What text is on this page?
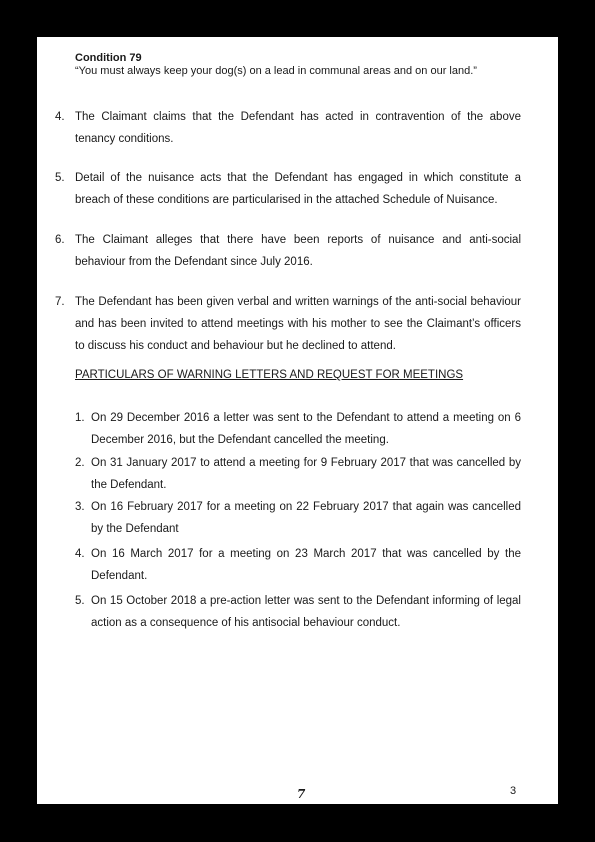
Condition 79
“You must always keep your dog(s) on a lead in communal areas and on our land.”
4. The Claimant claims that the Defendant has acted in contravention of the above tenancy conditions.
5. Detail of the nuisance acts that the Defendant has engaged in which constitute a breach of these conditions are particularised in the attached Schedule of Nuisance.
6. The Claimant alleges that there have been reports of nuisance and anti-social behaviour from the Defendant since July 2016.
7. The Defendant has been given verbal and written warnings of the anti-social behaviour and has been invited to attend meetings with his mother to see the Claimant’s officers to discuss his conduct and behaviour but he declined to attend.
PARTICULARS OF WARNING LETTERS AND REQUEST FOR MEETINGS
1. On 29 December 2016 a letter was sent to the Defendant to attend a meeting on 6 December 2016, but the Defendant cancelled the meeting.
2. On 31 January 2017 to attend a meeting for 9 February 2017 that was cancelled by the Defendant.
3. On 16 February 2017 for a meeting on 22 February 2017 that again was cancelled by the Defendant
4. On 16 March 2017 for a meeting on 23 March 2017 that was cancelled by the Defendant.
5. On 15 October 2018 a pre-action letter was sent to the Defendant informing of legal action as a consequence of his antisocial behaviour conduct.
7	3
